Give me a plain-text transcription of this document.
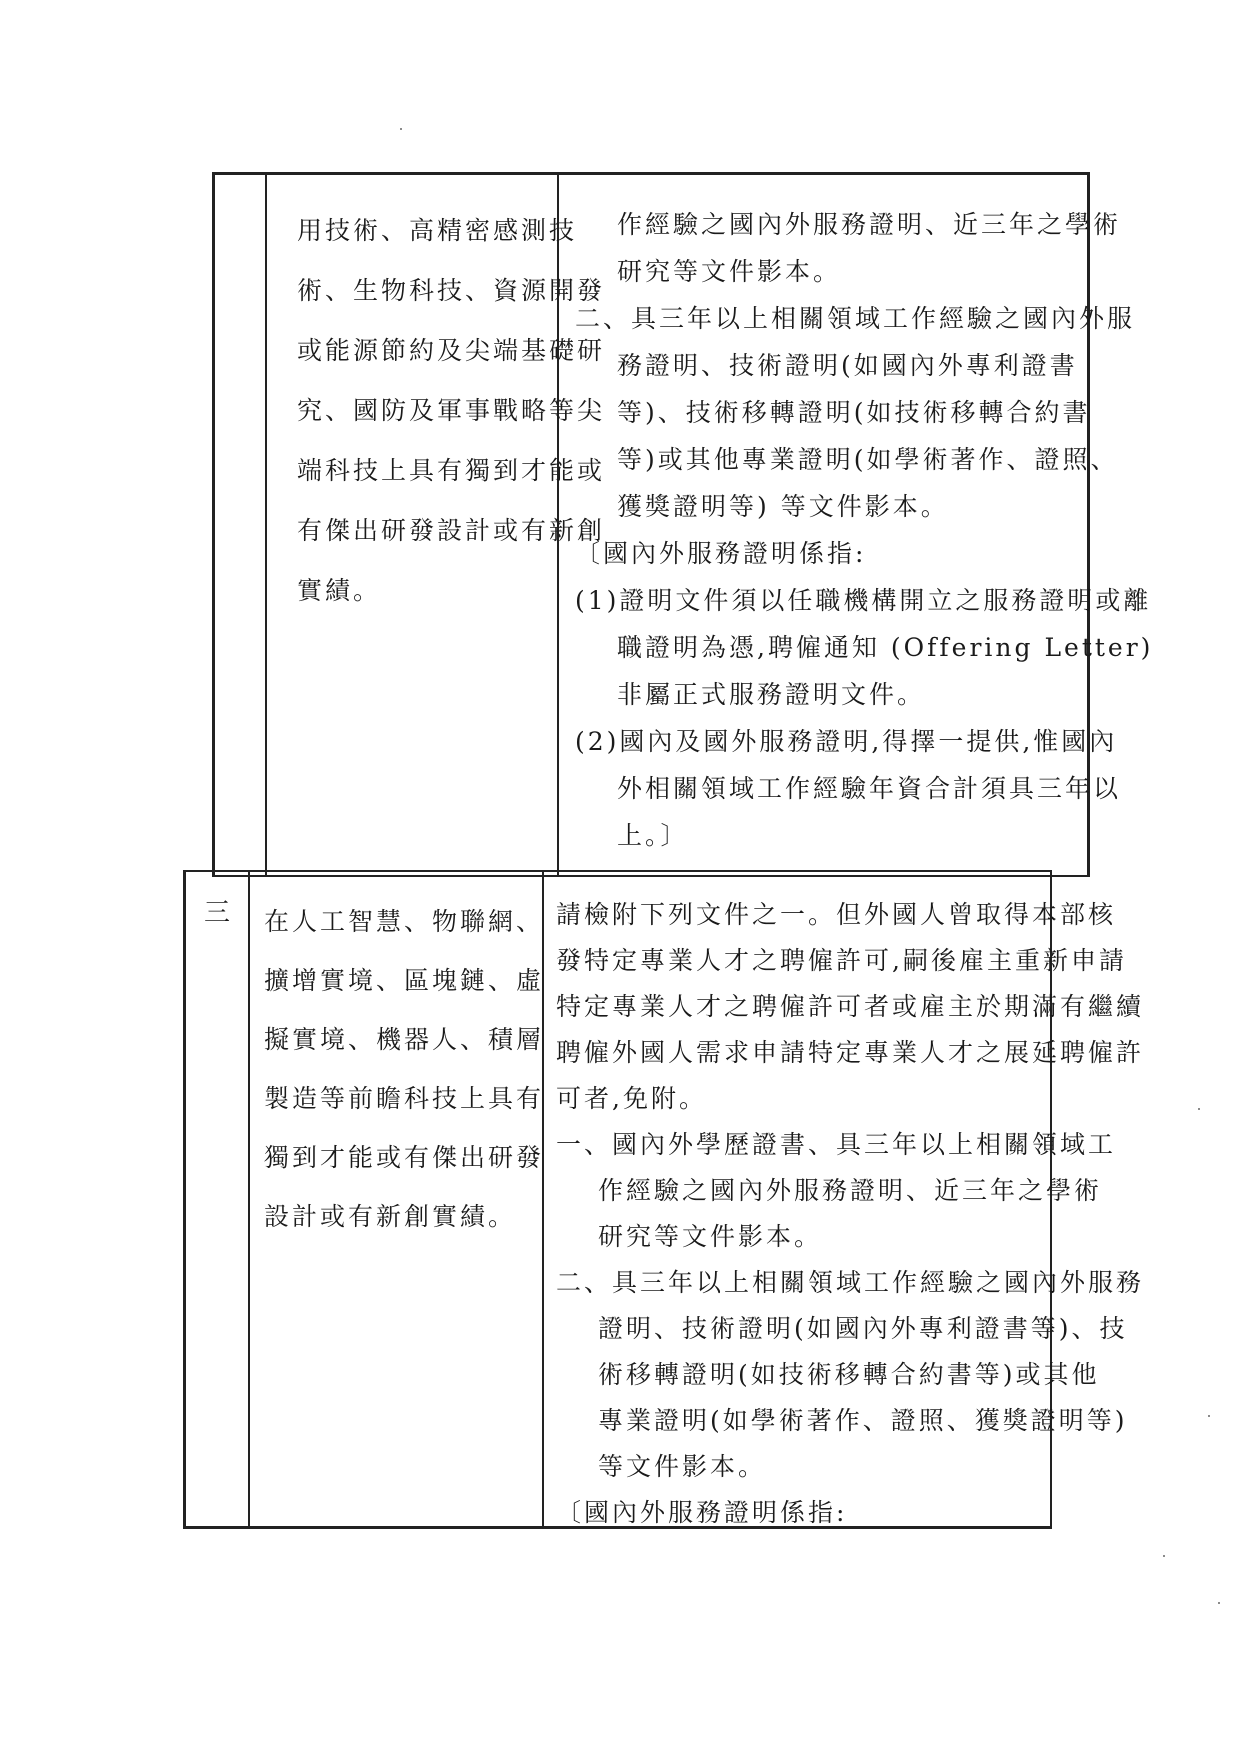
用技術、高精密感測技

術、生物科技、資源開發

或能源節約及尖端基礎研

究、國防及軍事戰略等尖

端科技上具有獨到才能或

有傑出研發設計或有新創

實績。

作經驗之國內外服務證明、近三年之學術

研究等文件影本。

二、具三年以上相關領域工作經驗之國內外服

務證明、技術證明(如國內外專利證書

等)、技術移轉證明(如技術移轉合約書

等)或其他專業證明(如學術著作、證照、

獲獎證明等) 等文件影本。

〔國內外服務證明係指:

(1)證明文件須以任職機構開立之服務證明或離

職證明為憑,聘僱通知 (Offering Letter)

非屬正式服務證明文件。

(2)國內及國外服務證明,得擇一提供,惟國內

外相關領域工作經驗年資合計須具三年以

上。〕

三 在人工智慧、物聯網、

擴增實境、區塊鏈、虛

擬實境、機器人、積層

製造等前瞻科技上具有

獨到才能或有傑出研發

設計或有新創實績。

請檢附下列文件之一。但外國人曾取得本部核

發特定專業人才之聘僱許可,嗣後雇主重新申請

特定專業人才之聘僱許可者或雇主於期滿有繼續

聘僱外國人需求申請特定專業人才之展延聘僱許

可者,免附。

一、國內外學歷證書、具三年以上相關領域工

作經驗之國內外服務證明、近三年之學術

研究等文件影本。

二、具三年以上相關領域工作經驗之國內外服務

證明、技術證明(如國內外專利證書等)、技

術移轉證明(如技術移轉合約書等)或其他

專業證明(如學術著作、證照、獲獎證明等)

等文件影本。

〔國內外服務證明係指:
